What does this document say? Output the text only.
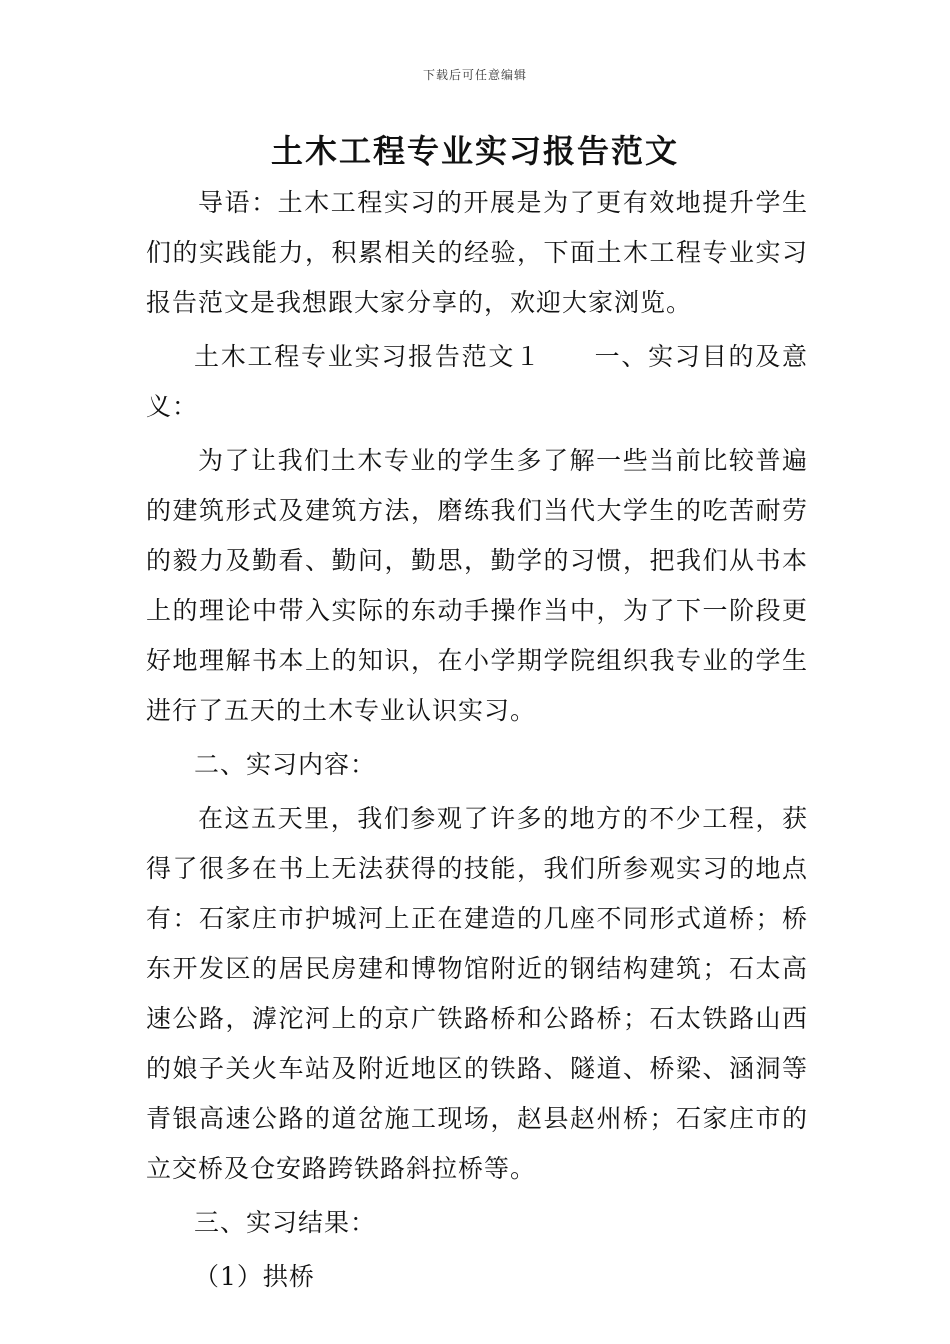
下载后可任意编辑
土木工程专业实习报告范文

导语：土木工程实习的开展是为了更有效地提升学生们的实践能力，积累相关的经验，下面土木工程专业实习报告范文是我想跟大家分享的，欢迎大家浏览。

土木工程专业实习报告范文１ 一、实习目的及意义：

为了让我们土木专业的学生多了解一些当前比较普遍的建筑形式及建筑方法，磨练我们当代大学生的吃苦耐劳的毅力及勤看、勤问，勤思，勤学的习惯，把我们从书本上的理论中带入实际的东动手操作当中，为了下一阶段更好地理解书本上的知识，在小学期学院组织我专业的学生进行了五天的土木专业认识实习。

二、实习内容：

在这五天里，我们参观了许多的地方的不少工程，获得了很多在书上无法获得的技能，我们所参观实习的地点有：石家庄市护城河上正在建造的几座不同形式道桥；桥东开发区的居民房建和博物馆附近的钢结构建筑；石太高速公路，滹沱河上的京广铁路桥和公路桥；石太铁路山西的娘子关火车站及附近地区的铁路、隧道、桥梁、涵洞等青银高速公路的道岔施工现场，赵县赵州桥；石家庄市的立交桥及仓安路跨铁路斜拉桥等。

三、实习结果：

（1）拱桥
